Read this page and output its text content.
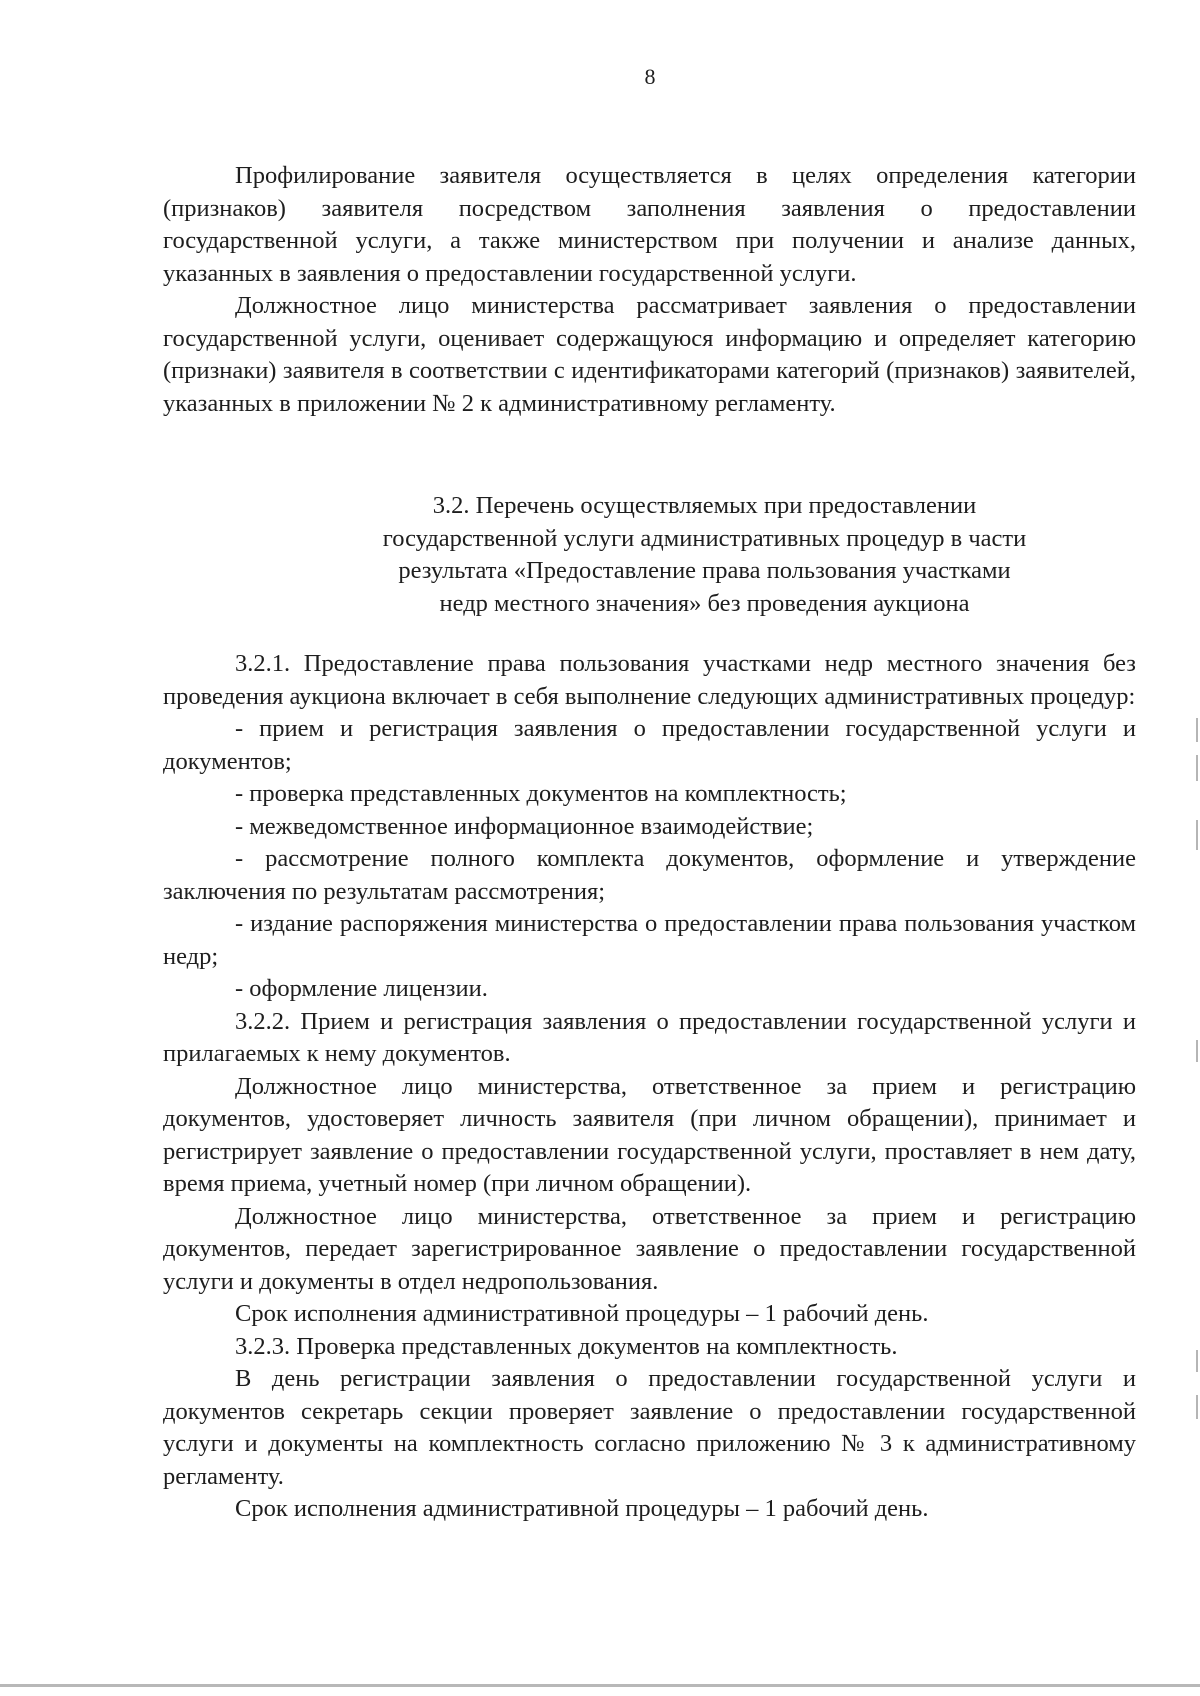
8

Профилирование заявителя осуществляется в целях определения категории (признаков) заявителя посредством заполнения заявления о предоставлении государственной услуги, а также министерством при получении и анализе данных, указанных в заявления о предоставлении государственной услуги.

Должностное лицо министерства рассматривает заявления о предоставлении государственной услуги, оценивает содержащуюся информацию и определяет категорию (признаки) заявителя в соответствии с идентификаторами категорий (признаков) заявителей, указанных в приложении № 2 к административному регламенту.

3.2. Перечень осуществляемых при предоставлении

государственной услуги административных процедур в части

результата «Предоставление права пользования участками

недр местного значения» без проведения аукциона

3.2.1. Предоставление права пользования участками недр местного значения без проведения аукциона включает в себя выполнение следующих административных процедур:

- прием и регистрация заявления о предоставлении государственной услуги и документов;

- проверка представленных документов на комплектность;

- межведомственное информационное взаимодействие;

- рассмотрение полного комплекта документов, оформление и утверждение заключения по результатам рассмотрения;

- издание распоряжения министерства о предоставлении права пользования участком недр;

- оформление лицензии.

3.2.2. Прием и регистрация заявления о предоставлении государственной услуги и прилагаемых к нему документов.

Должностное лицо министерства, ответственное за прием и регистрацию документов, удостоверяет личность заявителя (при личном обращении), принимает и регистрирует заявление о предоставлении государственной услуги, проставляет в нем дату, время приема, учетный номер (при личном обращении).

Должностное лицо министерства, ответственное за прием и регистрацию документов, передает зарегистрированное заявление о предоставлении государственной услуги и документы в отдел недропользования.

Срок исполнения административной процедуры – 1 рабочий день.

3.2.3. Проверка представленных документов на комплектность.

В день регистрации заявления о предоставлении государственной услуги и документов секретарь секции проверяет заявление о предоставлении государственной услуги и документы на комплектность согласно приложению № 3 к административному регламенту.

Срок исполнения административной процедуры – 1 рабочий день.
